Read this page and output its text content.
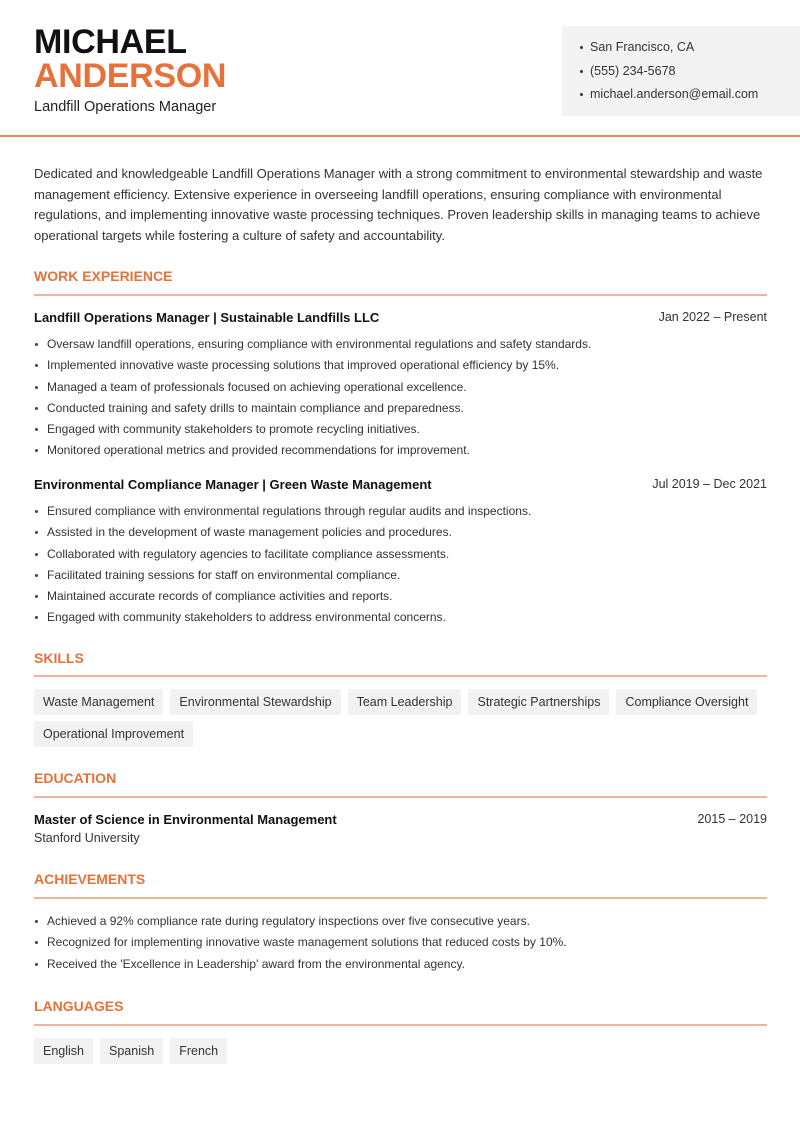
MICHAEL
ANDERSON
Landfill Operations Manager
San Francisco, CA
(555) 234-5678
michael.anderson@email.com

Dedicated and knowledgeable Landfill Operations Manager with a strong commitment to environmental stewardship and waste management efficiency. Extensive experience in overseeing landfill operations, ensuring compliance with environmental regulations, and implementing innovative waste processing techniques. Proven leadership skills in managing teams to achieve operational targets while fostering a culture of safety and accountability.

WORK EXPERIENCE
Landfill Operations Manager | Sustainable Landfills LLC	Jan 2022 – Present
Oversaw landfill operations, ensuring compliance with environmental regulations and safety standards.
Implemented innovative waste processing solutions that improved operational efficiency by 15%.
Managed a team of professionals focused on achieving operational excellence.
Conducted training and safety drills to maintain compliance and preparedness.
Engaged with community stakeholders to promote recycling initiatives.
Monitored operational metrics and provided recommendations for improvement.
Environmental Compliance Manager | Green Waste Management	Jul 2019 – Dec 2021
Ensured compliance with environmental regulations through regular audits and inspections.
Assisted in the development of waste management policies and procedures.
Collaborated with regulatory agencies to facilitate compliance assessments.
Facilitated training sessions for staff on environmental compliance.
Maintained accurate records of compliance activities and reports.
Engaged with community stakeholders to address environmental concerns.
SKILLS
Waste Management	Environmental Stewardship	Team Leadership	Strategic Partnerships	Compliance Oversight
Operational Improvement
EDUCATION
Master of Science in Environmental Management	2015 – 2019
Stanford University
ACHIEVEMENTS
Achieved a 92% compliance rate during regulatory inspections over five consecutive years.
Recognized for implementing innovative waste management solutions that reduced costs by 10%.
Received the 'Excellence in Leadership' award from the environmental agency.
LANGUAGES
English	Spanish	French
